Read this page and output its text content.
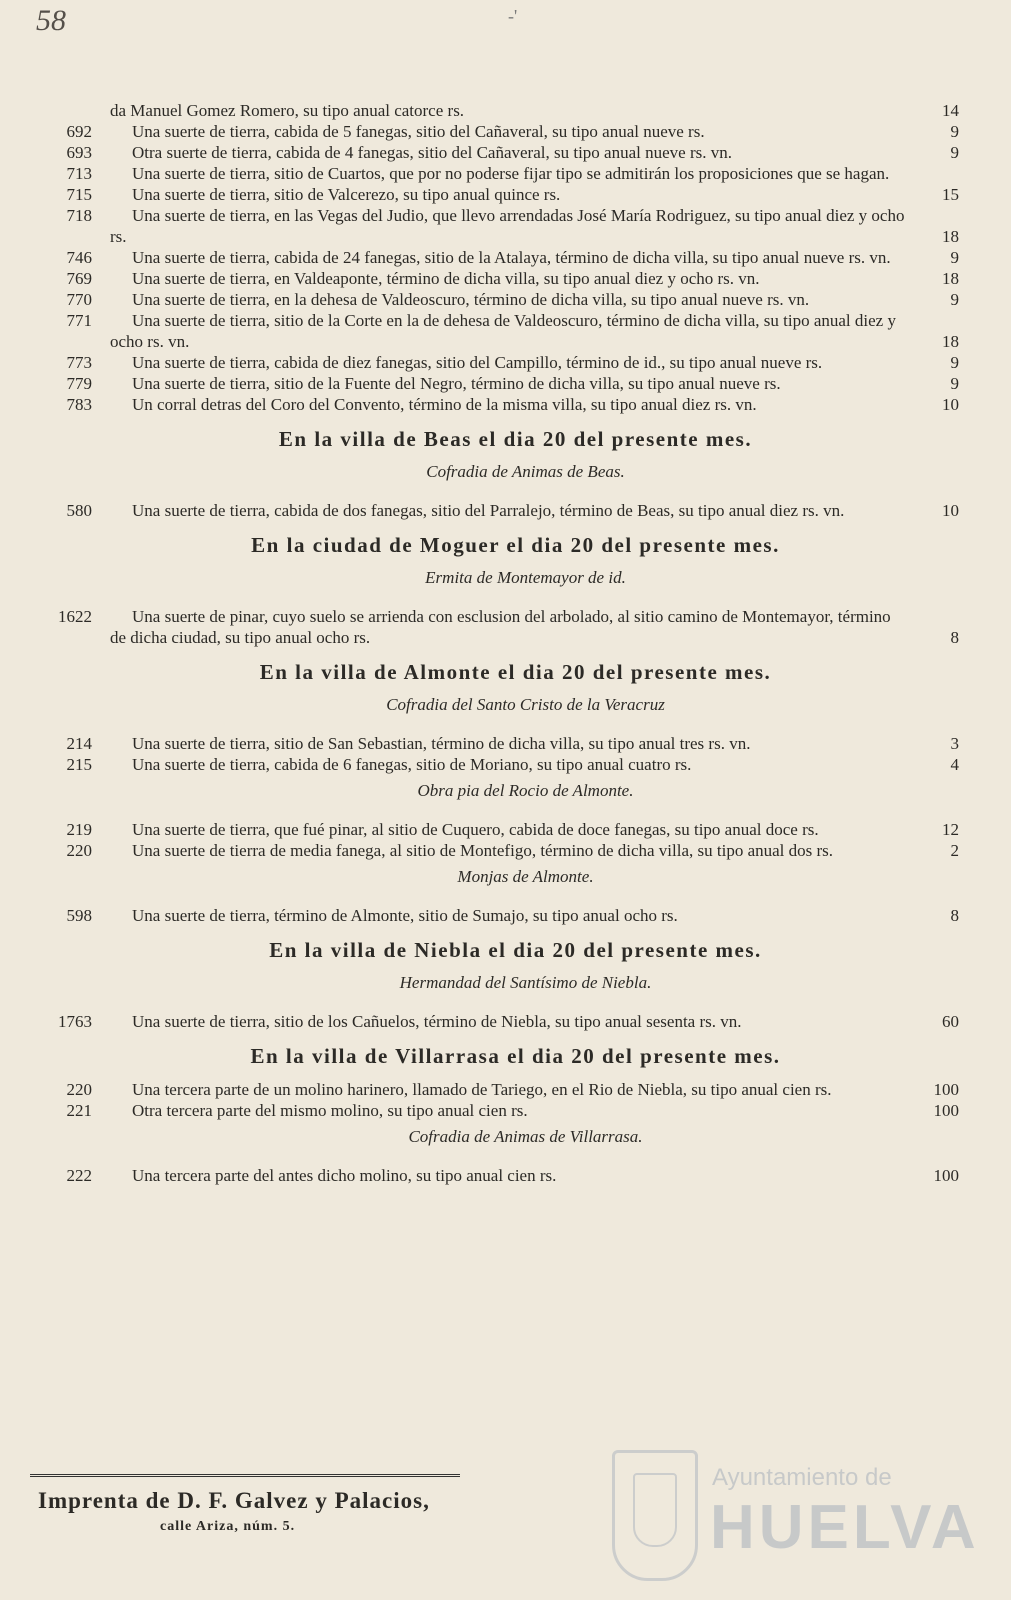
58	-'
da Manuel Gomez Romero, su tipo anual catorce rs.	14
692	Una suerte de tierra, cabida de 5 fanegas, sitio del Cañaveral, su tipo anual nueve rs.	9
693	Otra suerte de tierra, cabida de 4 fanegas, sitio del Cañaveral, su tipo anual nueve rs. vn.	9
713	Una suerte de tierra, sitio de Cuartos, que por no poderse fijar tipo se admitirán los proposiciones que se hagan.
715	Una suerte de tierra, sitio de Valcerezo, su tipo anual quince rs.	15
718	Una suerte de tierra, en las Vegas del Judio, que llevo arrendadas José María Rodriguez, su tipo anual diez y ocho rs.	18
746	Una suerte de tierra, cabida de 24 fanegas, sitio de la Atalaya, término de dicha villa, su tipo anual nueve rs. vn.	9
769	Una suerte de tierra, en Valdeaponte, término de dicha villa, su tipo anual diez y ocho rs. vn.	18
770	Una suerte de tierra, en la dehesa de Valdeoscuro, término de dicha villa, su tipo anual nueve rs. vn.	9
771	Una suerte de tierra, sitio de la Corte en la de dehesa de Valdeoscuro, término de dicha villa, su tipo anual diez y ocho rs. vn.	18
773	Una suerte de tierra, cabida de diez fanegas, sitio del Campillo, término de id., su tipo anual nueve rs.	9
779	Una suerte de tierra, sitio de la Fuente del Negro, término de dicha villa, su tipo anual nueve rs.	9
783	Un corral detras del Coro del Convento, término de la misma villa, su tipo anual diez rs. vn.	10
En la villa de Beas el dia 20 del presente mes.
Cofradia de Animas de Beas.
580	Una suerte de tierra, cabida de dos fanegas, sitio del Parralejo, término de Beas, su tipo anual diez rs. vn.	10
En la ciudad de Moguer el dia 20 del presente mes.
Ermita de Montemayor de id.
1622	Una suerte de pinar, cuyo suelo se arrienda con esclusion del arbolado, al sitio camino de Montemayor, término de dicha ciudad, su tipo anual ocho rs.	8
En la villa de Almonte el dia 20 del presente mes.
Cofradia del Santo Cristo de la Veracruz
214	Una suerte de tierra, sitio de San Sebastian, término de dicha villa, su tipo anual tres rs. vn.	3
215	Una suerte de tierra, cabida de 6 fanegas, sitio de Moriano, su tipo anual cuatro rs.	4
Obra pia del Rocio de Almonte.
219	Una suerte de tierra, que fué pinar, al sitio de Cuquero, cabida de doce fanegas, su tipo anual doce rs.	12
220	Una suerte de tierra de media fanega, al sitio de Montefigo, término de dicha villa, su tipo anual dos rs.	2
Monjas de Almonte.
598	Una suerte de tierra, término de Almonte, sitio de Sumajo, su tipo anual ocho rs.	8
En la villa de Niebla el dia 20 del presente mes.
Hermandad del Santísimo de Niebla.
1763	Una suerte de tierra, sitio de los Cañuelos, término de Niebla, su tipo anual sesenta rs. vn.	60
En la villa de Villarrasa el dia 20 del presente mes.
220	Una tercera parte de un molino harinero, llamado de Tariego, en el Rio de Niebla, su tipo anual cien rs.	100
221	Otra tercera parte del mismo molino, su tipo anual cien rs.	100
Cofradia de Animas de Villarrasa.
222	Una tercera parte del antes dicho molino, su tipo anual cien rs.	100
Imprenta de D. F. Galvez y Palacios,
calle Ariza, núm. 5.
Ayuntamiento de
HUELVA
